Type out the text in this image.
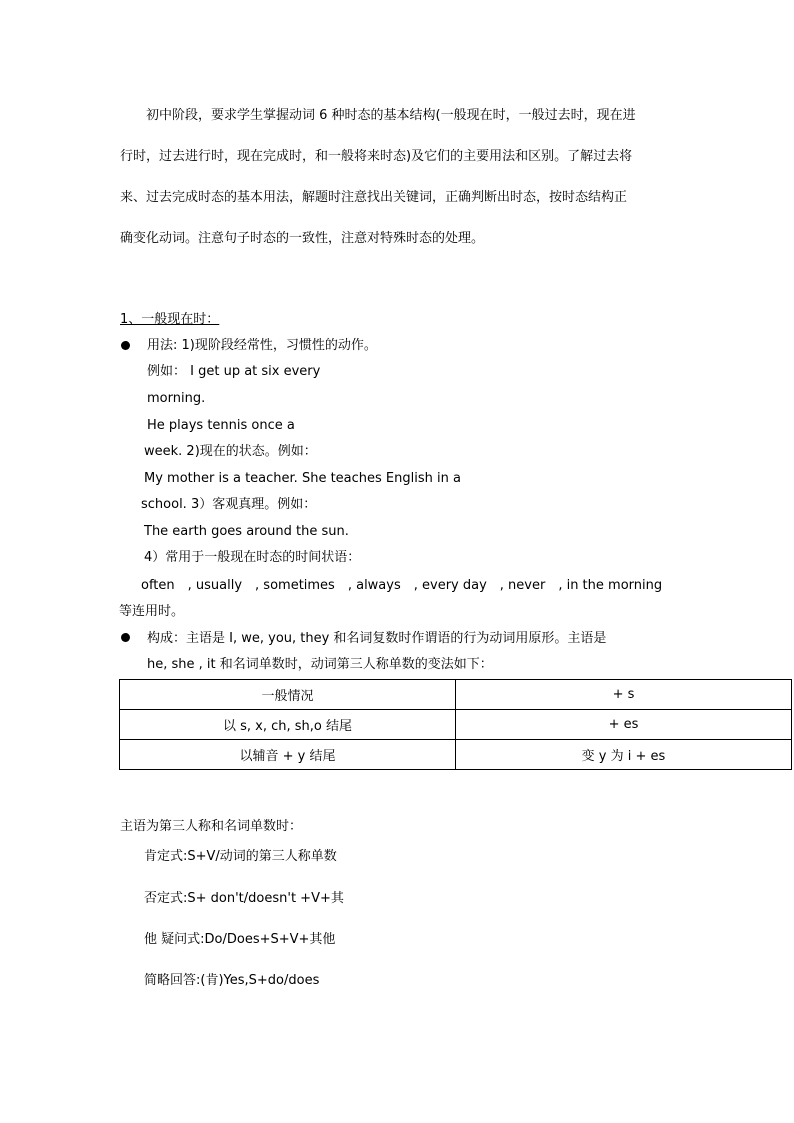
　　初中阶段，要求学生掌握动词 6 种时态的基本结构(一般现在时，一般过去时，现在进
行时，过去进行时，现在完成时，和一般将来时态)及它们的主要用法和区别。了解过去将
来、过去完成时态的基本用法，解题时注意找出关键词，正确判断出时态，按时态结构正
确变化动词。注意句子时态的一致性，注意对特殊时态的处理。
1、一般现在时：
用法: 1)现阶段经常性，习惯性的动作。
例如： I get up at six every
morning.
He plays tennis once a
week. 2)现在的状态。例如：
My mother is a teacher. She teaches English in a
school. 3）客观真理。例如：
The earth goes around the sun.
4）常用于一般现在时态的时间状语：
often　, usually　, sometimes　, always　, every day　, never　, in the morning
等连用时。
构成：主语是 I, we, you, they 和名词复数时作谓语的行为动词用原形。主语是
he, she , it 和名词单数时，动词第三人称单数的变法如下：
一般情况	+ s
以 s, x, ch, sh,o 结尾	+ es
以辅音 + y 结尾	变 y 为 i + es
主语为第三人称和名词单数时：
肯定式:S+V/动词的第三人称单数
否定式:S+ don't/doesn't +V+其
他 疑问式:Do/Does+S+V+其他
简略回答:(肯)Yes,S+do/does
